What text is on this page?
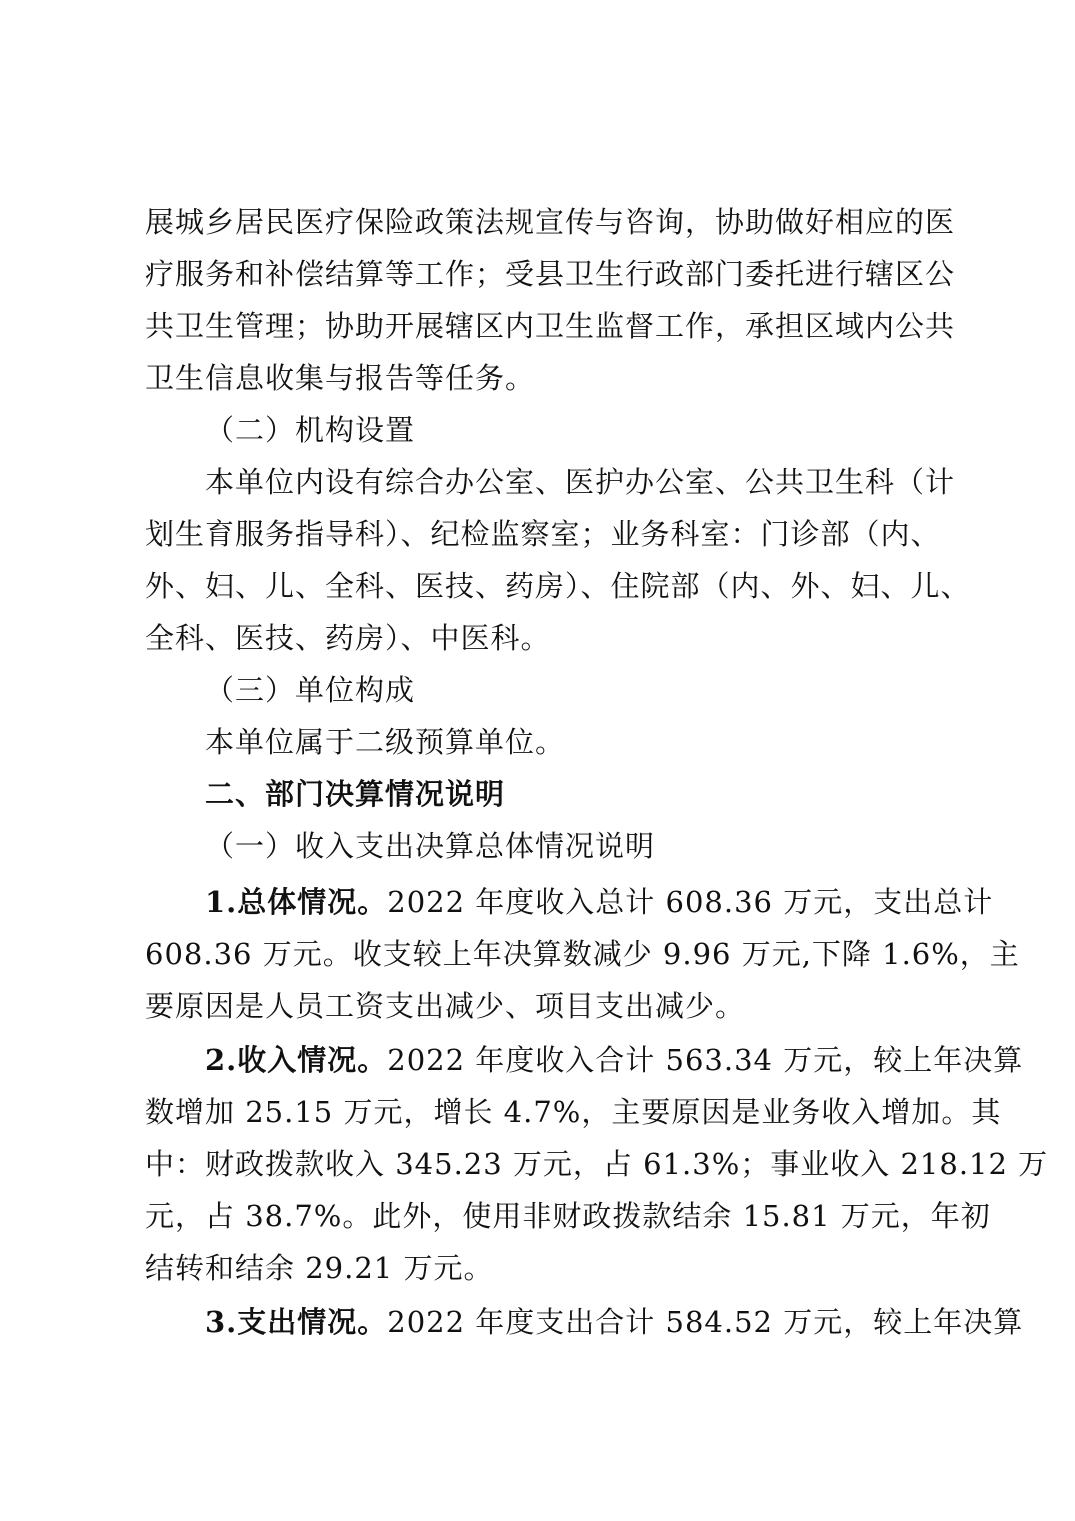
展城乡居民医疗保险政策法规宣传与咨询，协助做好相应的医
疗服务和补偿结算等工作；受县卫生行政部门委托进行辖区公
共卫生管理；协助开展辖区内卫生监督工作，承担区域内公共
卫生信息收集与报告等任务。
（二）机构设置
本单位内设有综合办公室、医护办公室、公共卫生科（计
划生育服务指导科）、纪检监察室；业务科室：门诊部（内、
外、妇、儿、全科、医技、药房）、住院部（内、外、妇、儿、
全科、医技、药房）、中医科。
（三）单位构成
本单位属于二级预算单位。
二、部门决算情况说明
（一）收入支出决算总体情况说明
1.总体情况。2022 年度收入总计 608.36 万元，支出总计
608.36 万元。收支较上年决算数减少 9.96 万元,下降 1.6%，主
要原因是人员工资支出减少、项目支出减少。
2.收入情况。2022 年度收入合计 563.34 万元，较上年决算
数增加 25.15 万元，增长 4.7%，主要原因是业务收入增加。其
中：财政拨款收入 345.23 万元，占 61.3%；事业收入 218.12 万
元，占 38.7%。此外，使用非财政拨款结余 15.81 万元，年初
结转和结余 29.21 万元。
3.支出情况。2022 年度支出合计 584.52 万元，较上年决算
